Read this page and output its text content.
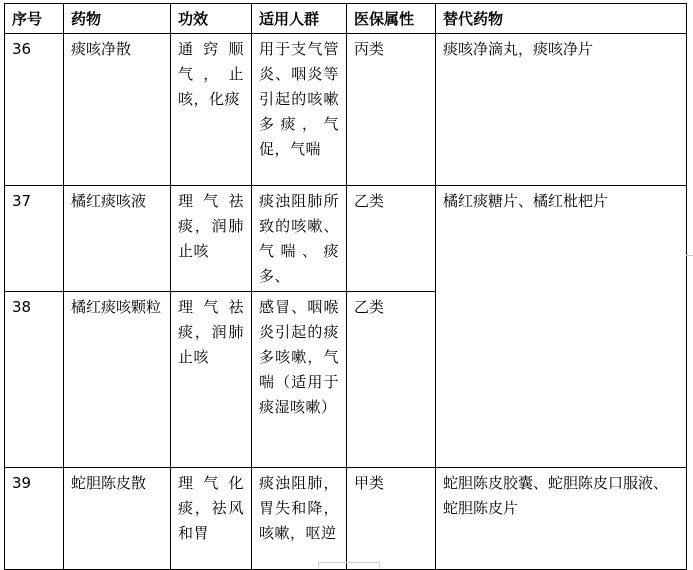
序号	药物	功效	适用人群	医保属性	替代药物
36	痰咳净散	通窍顺气，止咳，化痰	用于支气管炎、咽炎等引起的咳嗽多痰，气促，气喘	丙类	痰咳净滴丸，痰咳净片
37	橘红痰咳液	理气祛痰，润肺止咳	痰浊阻肺所致的咳嗽、气喘、痰多、	乙类	橘红痰糖片、橘红枇杷片
38	橘红痰咳颗粒	理气祛痰，润肺止咳	感冒、咽喉炎引起的痰多咳嗽，气喘（适用于痰湿咳嗽）	乙类	
39	蛇胆陈皮散	理气化痰，祛风和胃	痰浊阻肺，胃失和降，咳嗽，呕逆	甲类	蛇胆陈皮胶囊、蛇胆陈皮口服液、蛇胆陈皮片
